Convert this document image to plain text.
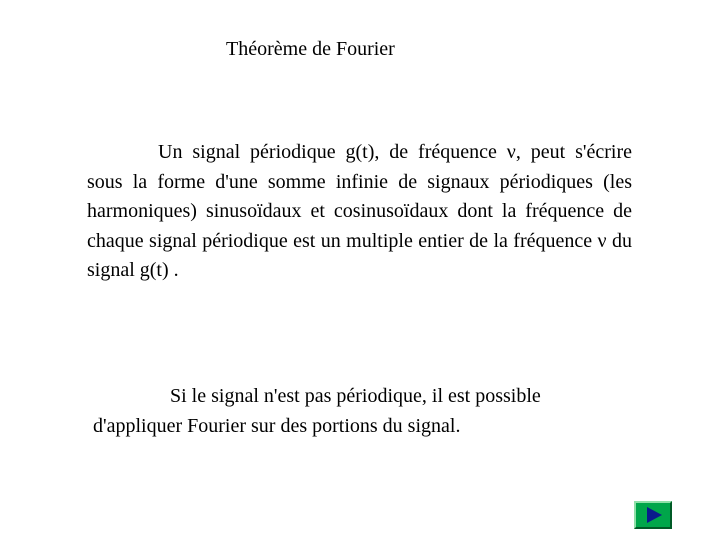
Théorème de Fourier

Un signal périodique g(t), de fréquence ν, peut s'écrire sous la forme d'une somme infinie de signaux périodiques (les harmoniques) sinusoïdaux et cosinusoïdaux dont la fréquence de chaque signal périodique est un multiple entier de la fréquence ν du signal g(t) .

Si le signal n'est pas périodique, il est possible d'appliquer Fourier sur des portions du signal.
